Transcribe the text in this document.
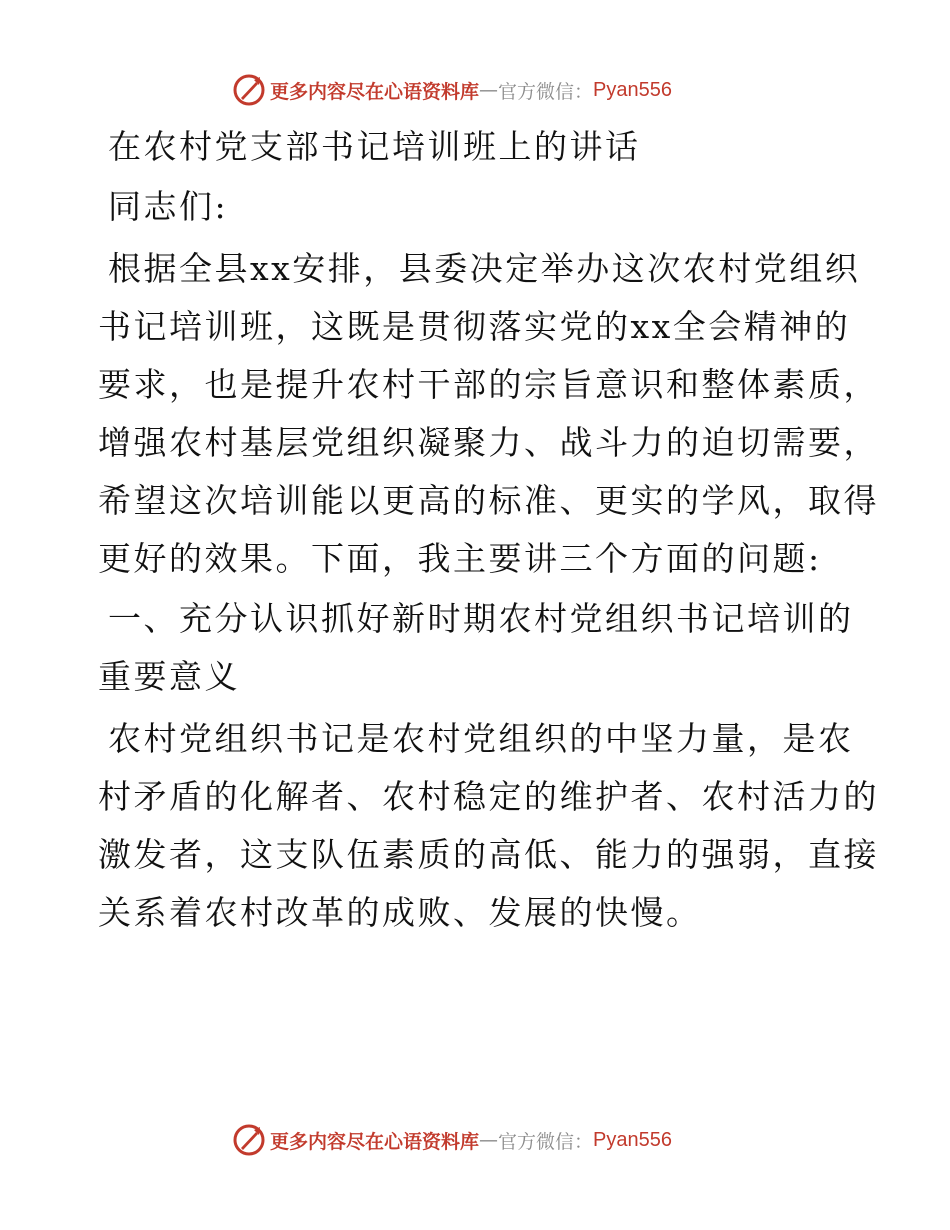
更多内容尽在心语资料库 — 官方微信： Pyan556
在农村党支部书记培训班上的讲话
同志们:
根据全县xx安排，县委决定举办这次农村党组织
书记培训班，这既是贯彻落实党的xx全会精神的
要求，也是提升农村干部的宗旨意识和整体素质，
增强农村基层党组织凝聚力、战斗力的迫切需要，
希望这次培训能以更高的标准、更实的学风，取得
更好的效果。下面，我主要讲三个方面的问题:
一、充分认识抓好新时期农村党组织书记培训的
重要意义
农村党组织书记是农村党组织的中坚力量，是农
村矛盾的化解者、农村稳定的维护者、农村活力的
激发者，这支队伍素质的高低、能力的强弱，直接
关系着农村改革的成败、发展的快慢。
更多内容尽在心语资料库 — 官方微信： Pyan556
